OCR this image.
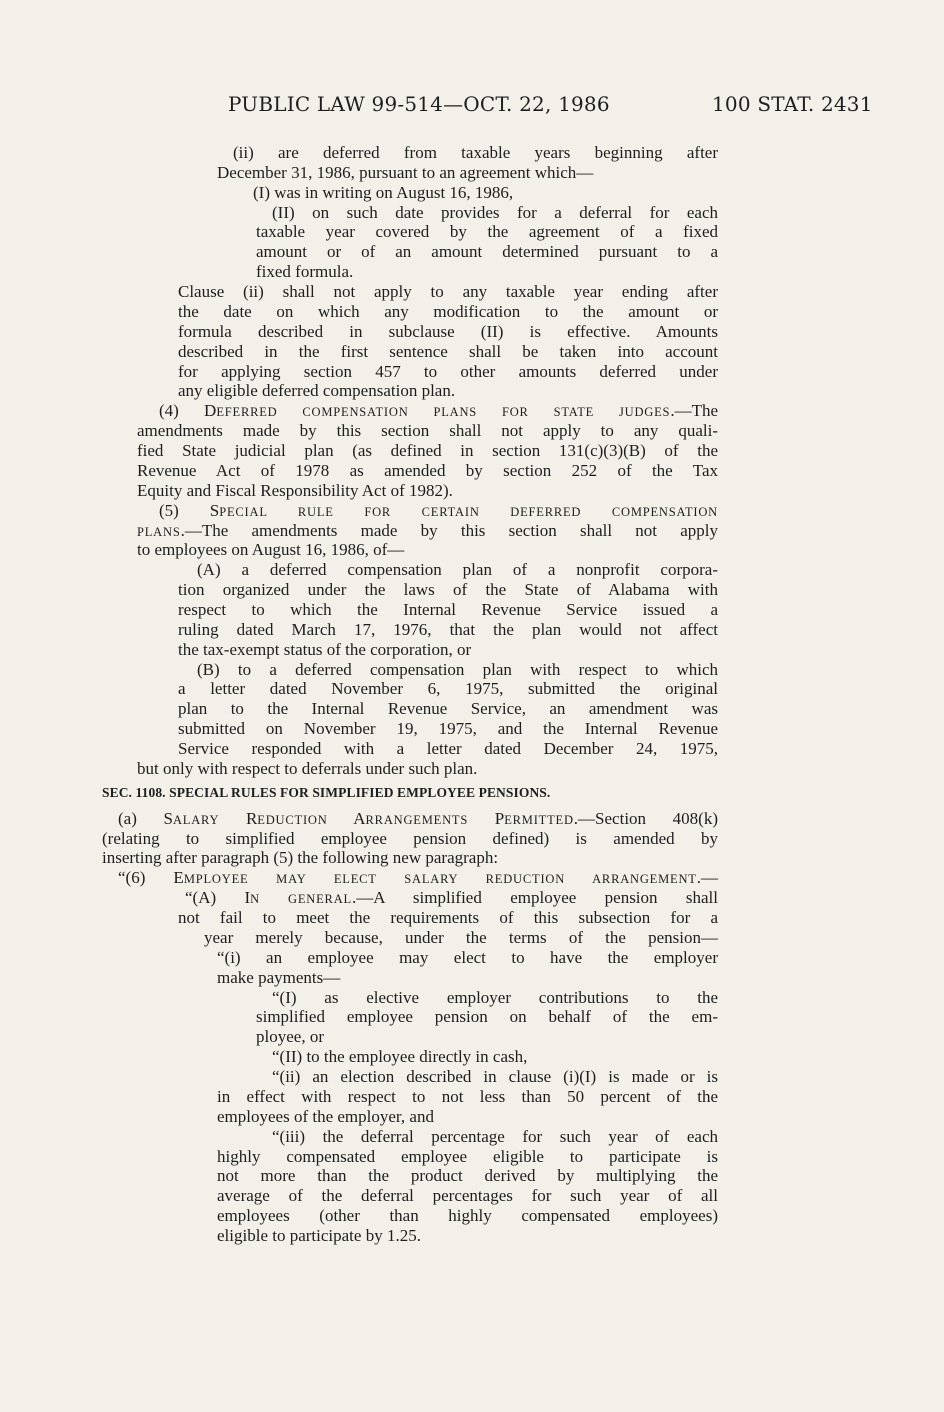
PUBLIC LAW 99-514—OCT. 22, 1986	100 STAT. 2431
(ii) are deferred from taxable years beginning after
December 31, 1986, pursuant to an agreement which—
(I) was in writing on August 16, 1986,
(II) on such date provides for a deferral for each
taxable year covered by the agreement of a fixed
amount or of an amount determined pursuant to a
fixed formula.
Clause (ii) shall not apply to any taxable year ending after
the date on which any modification to the amount or
formula described in subclause (II) is effective. Amounts
described in the first sentence shall be taken into account
for applying section 457 to other amounts deferred under
any eligible deferred compensation plan.
(4) DEFERRED COMPENSATION PLANS FOR STATE JUDGES.—The
amendments made by this section shall not apply to any quali-
fied State judicial plan (as defined in section 131(c)(3)(B) of the
Revenue Act of 1978 as amended by section 252 of the Tax
Equity and Fiscal Responsibility Act of 1982).
(5) SPECIAL RULE FOR CERTAIN DEFERRED COMPENSATION
PLANS.—The amendments made by this section shall not apply
to employees on August 16, 1986, of—
(A) a deferred compensation plan of a nonprofit corpora-
tion organized under the laws of the State of Alabama with
respect to which the Internal Revenue Service issued a
ruling dated March 17, 1976, that the plan would not affect
the tax-exempt status of the corporation, or
(B) to a deferred compensation plan with respect to which
a letter dated November 6, 1975, submitted the original
plan to the Internal Revenue Service, an amendment was
submitted on November 19, 1975, and the Internal Revenue
Service responded with a letter dated December 24, 1975,
but only with respect to deferrals under such plan.
SEC. 1108. SPECIAL RULES FOR SIMPLIFIED EMPLOYEE PENSIONS.
(a) SALARY REDUCTION ARRANGEMENTS PERMITTED.—Section 408(k)
(relating to simplified employee pension defined) is amended by
inserting after paragraph (5) the following new paragraph:
“(6) EMPLOYEE MAY ELECT SALARY REDUCTION ARRANGEMENT.—
“(A) IN GENERAL.—A simplified employee pension shall
not fail to meet the requirements of this subsection for a
year merely because, under the terms of the pension—
“(i) an employee may elect to have the employer
make payments—
“(I) as elective employer contributions to the
simplified employee pension on behalf of the em-
ployee, or
“(II) to the employee directly in cash,
“(ii) an election described in clause (i)(I) is made or is
in effect with respect to not less than 50 percent of the
employees of the employer, and
“(iii) the deferral percentage for such year of each
highly compensated employee eligible to participate is
not more than the product derived by multiplying the
average of the deferral percentages for such year of all
employees (other than highly compensated employees)
eligible to participate by 1.25.
